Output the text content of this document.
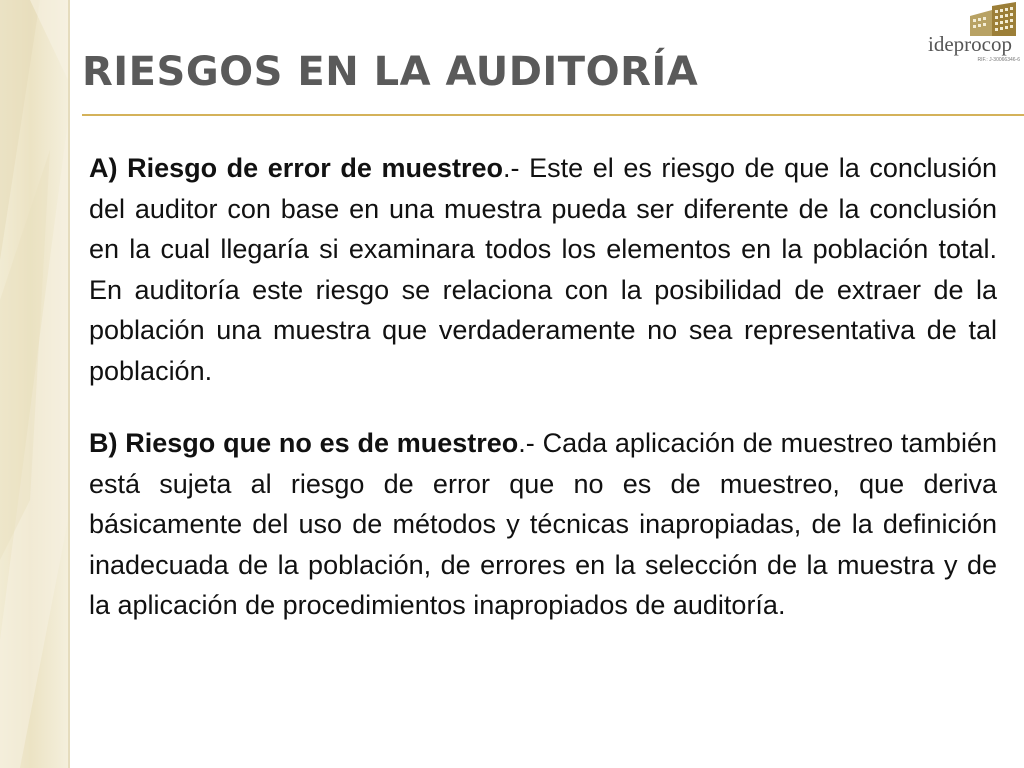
RIESGOS EN LA AUDITORÍA
ideprocop
RIF.: J-30066346-6

A) Riesgo de error de muestreo.- Este el es riesgo de que la conclusión del auditor con base en una muestra pueda ser diferente de la conclusión en la cual llegaría si examinara todos los elementos en la población total. En auditoría este riesgo se relaciona con la posibilidad de extraer de la población una muestra que verdaderamente no sea representativa de tal población.

B) Riesgo que no es de muestreo.- Cada aplicación de muestreo también está sujeta al riesgo de error que no es de muestreo, que deriva básicamente del uso de métodos y técnicas inapropiadas, de la definición inadecuada de la población, de errores en la selección de la muestra y de la aplicación de procedimientos inapropiados de auditoría.
